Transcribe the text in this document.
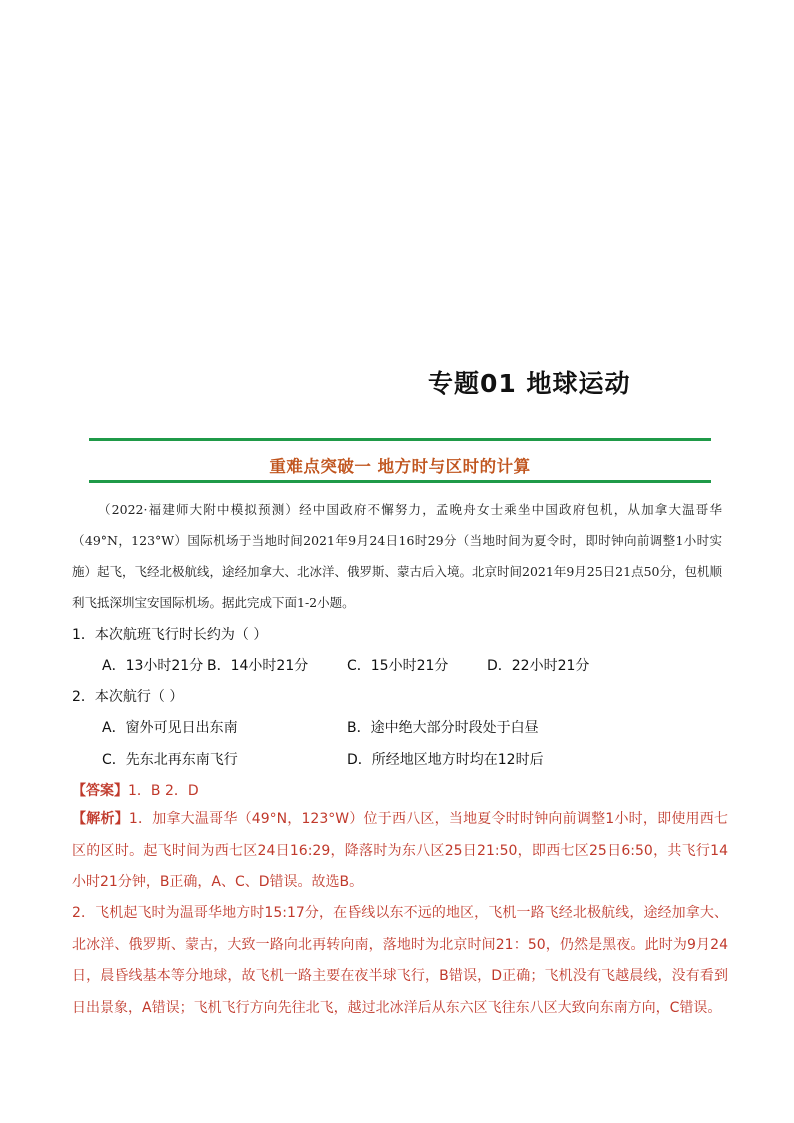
专题01 地球运动
重难点突破一 地方时与区时的计算
（2022·福建师大附中模拟预测）经中国政府不懈努力，孟晚舟女士乘坐中国政府包机，从加拿大温哥华（49°N，123°W）国际机场于当地时间2021年9月24日16时29分（当地时间为夏令时，即时钟向前调整1小时实施）起飞，飞经北极航线，途经加拿大、北冰洋、俄罗斯、蒙古后入境。北京时间2021年9月25日21点50分，包机顺利飞抵深圳宝安国际机场。据此完成下面1-2小题。
1．本次航班飞行时长约为（ ）
A．13小时21分 B．14小时21分	C．15小时21分	D．22小时21分
2．本次航行（ ）
A．窗外可见日出东南	B．途中绝大部分时段处于白昼
C．先东北再东南飞行	D．所经地区地方时均在12时后
【答案】1．B 2．D
【解析】1．加拿大温哥华（49°N，123°W）位于西八区，当地夏令时时钟向前调整1小时，即使用西七区的区时。起飞时间为西七区24日16:29，降落时为东八区25日21:50，即西七区25日6:50，共飞行14小时21分钟，B正确，A、C、D错误。故选B。
2．飞机起飞时为温哥华地方时15:17分，在昏线以东不远的地区，飞机一路飞经北极航线，途经加拿大、北冰洋、俄罗斯、蒙古，大致一路向北再转向南，落地时为北京时间21：50，仍然是黑夜。此时为9月24日，晨昏线基本等分地球，故飞机一路主要在夜半球飞行，B错误，D正确；飞机没有飞越晨线，没有看到日出景象，A错误；飞机飞行方向先往北飞，越过北冰洋后从东六区飞往东八区大致向东南方向，C错误。
